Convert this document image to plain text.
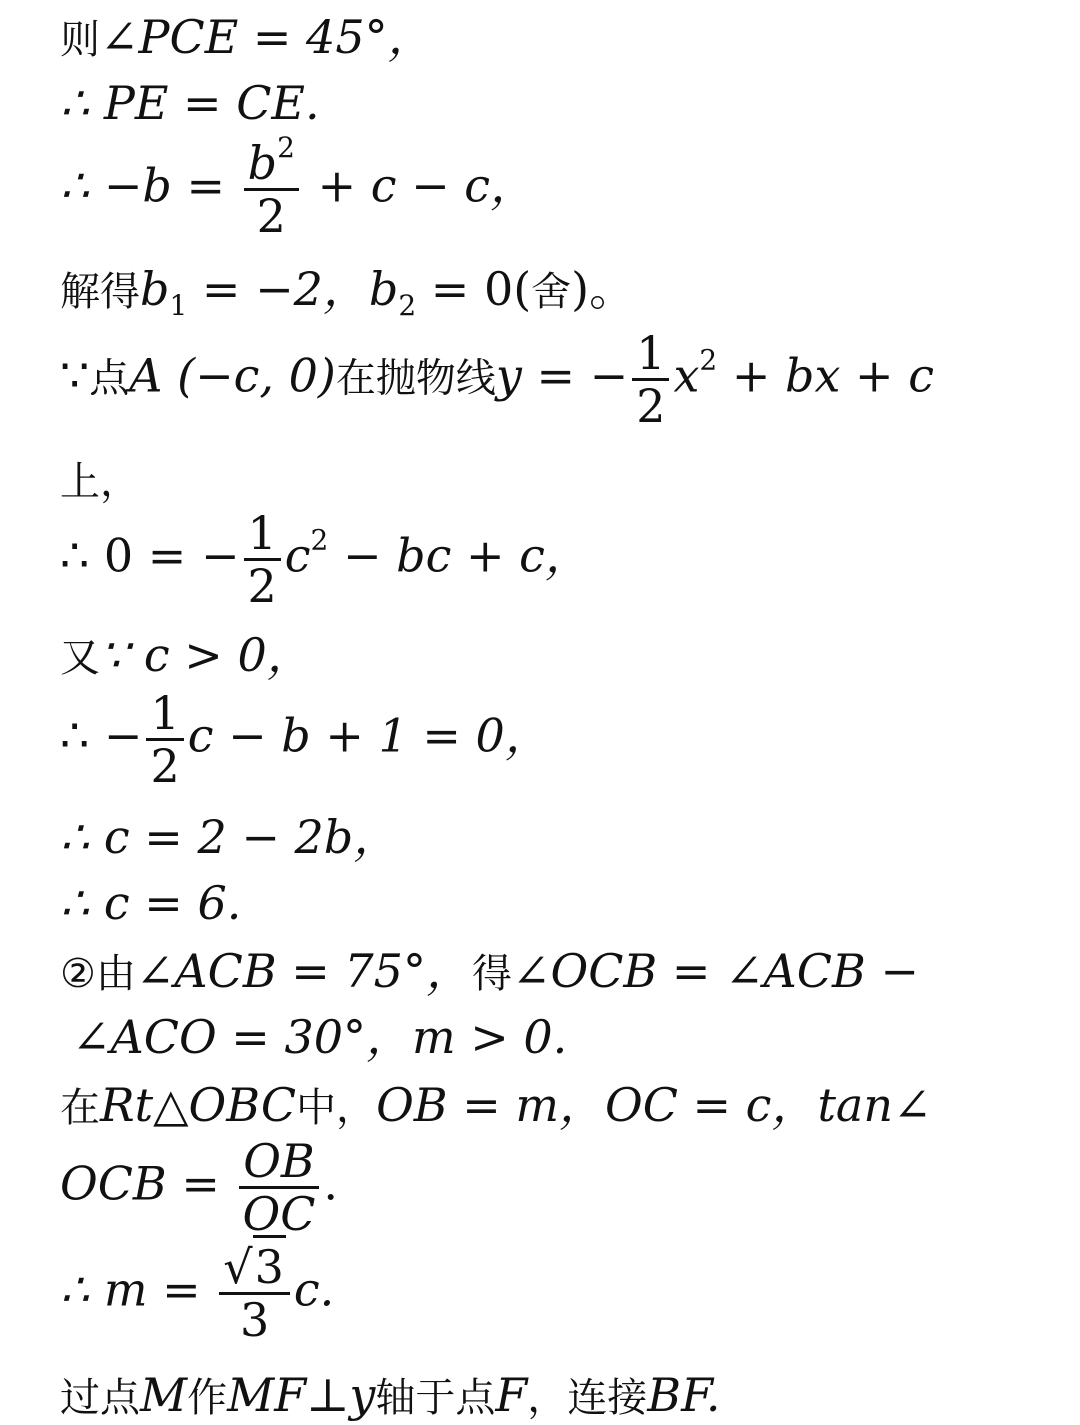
则∠PCE = 45°，
∴ PE = CE.
∴ $-b = \frac{b^2}{2} + c - c$，
解得$b_1 = -2$，$b_2 = 0$(舍)。
∵点A (−c, 0)在抛物线y = − $\frac{1}{2} x^2$ + bx + c
上，
∴ 0 = − $\frac{1}{2} c^2$ − bc + c，
又∵ c > 0，
∴ − $\frac{1}{2}$ c − b + 1 = 0，
∴ c = 2 − 2b，
∴ c = 6.
②由∠ACB = 75°，得∠OCB = ∠ACB −
∠ACO = 30°，m > 0.
在Rt△OBC中，OB = m，OC = c，tan∠
OCB = $\frac{OB}{OC}$ .
∴ $m = \frac{√3}{3} c$.
过点M作MF⊥y轴于点F，连接BF.
